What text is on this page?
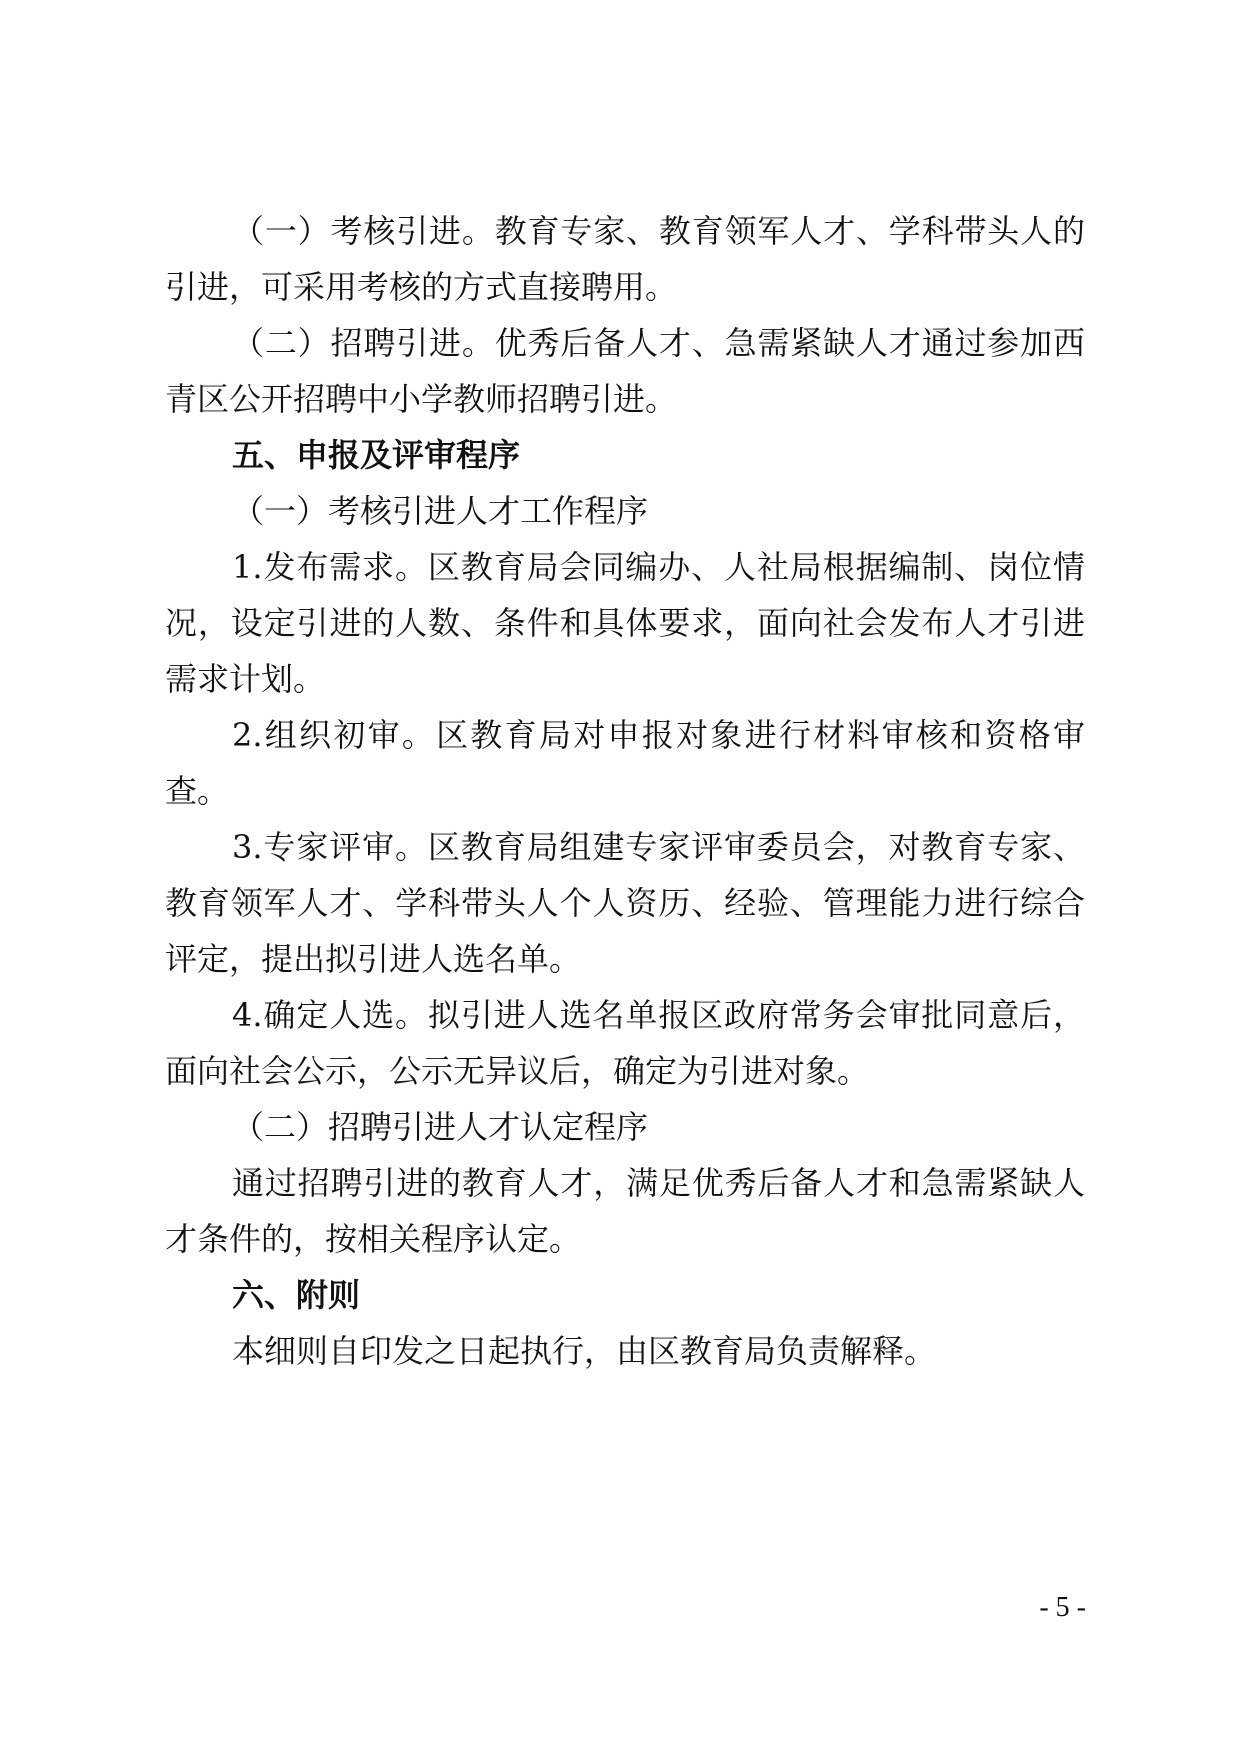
（一）考核引进。教育专家、教育领军人才、学科带头人的
引进，可采用考核的方式直接聘用。
（二）招聘引进。优秀后备人才、急需紧缺人才通过参加西
青区公开招聘中小学教师招聘引进。
五、申报及评审程序
（一）考核引进人才工作程序
1.发布需求。区教育局会同编办、人社局根据编制、岗位情
况，设定引进的人数、条件和具体要求，面向社会发布人才引进
需求计划。
2.组织初审。区教育局对申报对象进行材料审核和资格审
查。
3.专家评审。区教育局组建专家评审委员会，对教育专家、
教育领军人才、学科带头人个人资历、经验、管理能力进行综合
评定，提出拟引进人选名单。
4.确定人选。拟引进人选名单报区政府常务会审批同意后，
面向社会公示，公示无异议后，确定为引进对象。
（二）招聘引进人才认定程序
通过招聘引进的教育人才，满足优秀后备人才和急需紧缺人
才条件的，按相关程序认定。
六、附则
本细则自印发之日起执行，由区教育局负责解释。
- 5 -
